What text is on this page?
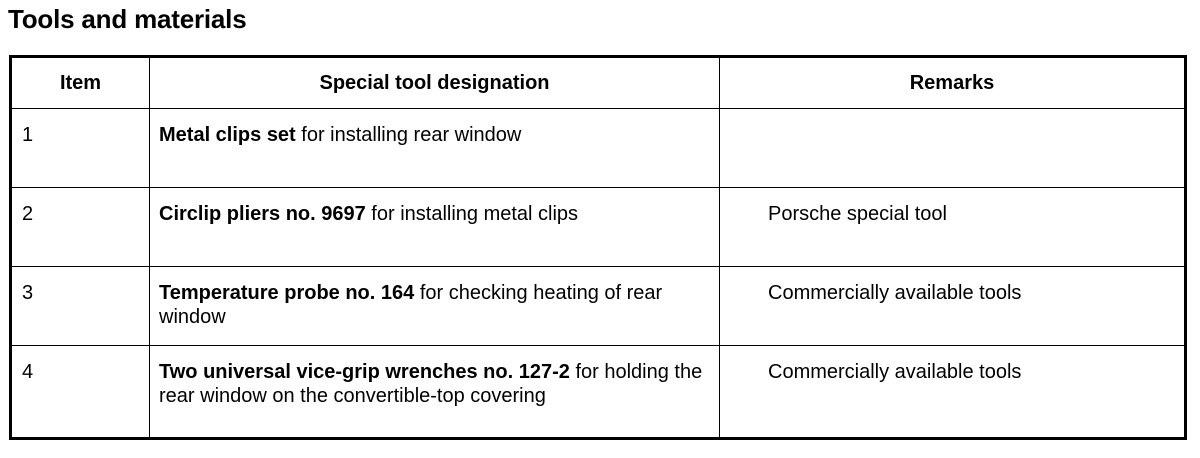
Tools and materials
Item	Special tool designation	Remarks
1	Metal clips set for installing rear window	
2	Circlip pliers no. 9697 for installing metal clips	Porsche special tool
3	Temperature probe no. 164 for checking heating of rear window	Commercially available tools
4	Two universal vice-grip wrenches no. 127-2 for holding the rear window on the convertible-top covering	Commercially available tools
